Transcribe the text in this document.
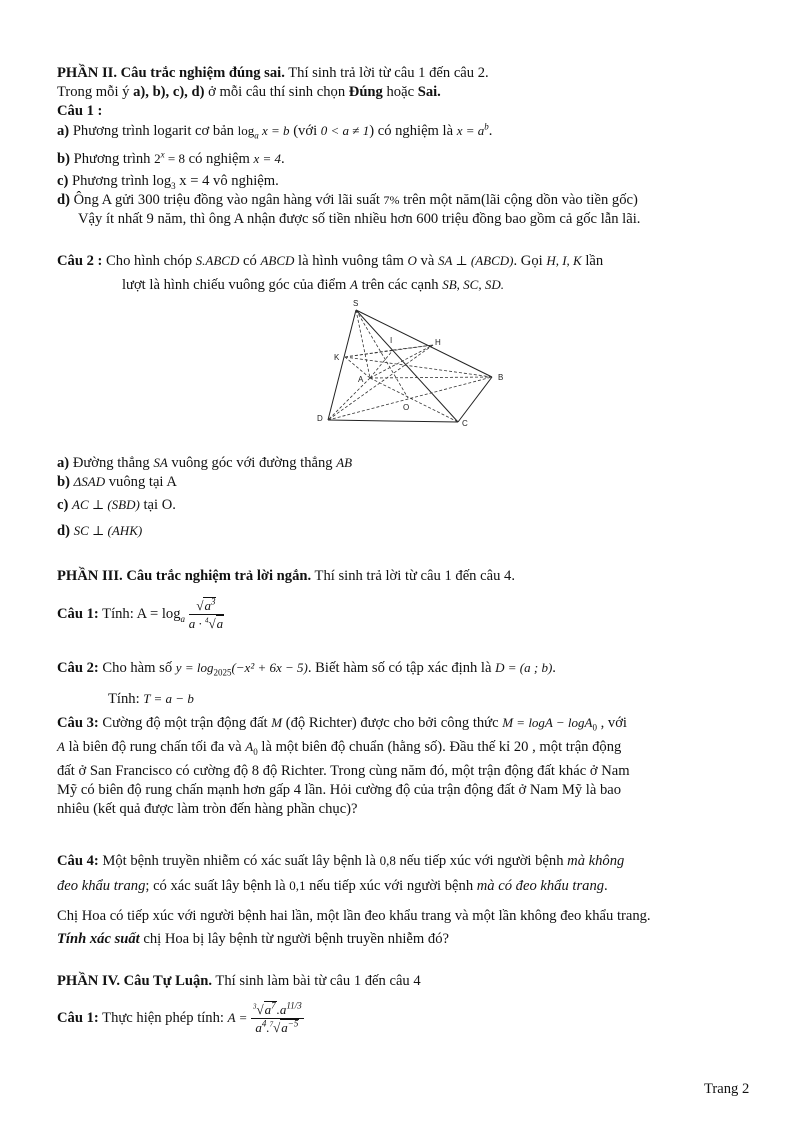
PHẦN II. Câu trắc nghiệm đúng sai. Thí sinh trả lời từ câu 1 đến câu 2.
Trong mỗi ý a), b), c), d) ở mỗi câu thí sinh chọn Đúng hoặc Sai.
Câu 1 :
a) Phương trình logarit cơ bản $\log_a x = b$ (với 0 < a ≠ 1) có nghiệm là $x = a^b$.
b) Phương trình $2^x = 8$ có nghiệm x = 4.
c) Phương trình $\log_3 x = 4$ vô nghiệm.
d) Ông A gửi 300 triệu đồng vào ngân hàng với lãi suất 7% trên một năm(lãi cộng dồn vào tiền gốc)
Vậy ít nhất 9 năm, thì ông A nhận được số tiền nhiều hơn 600 triệu đồng bao gồm cả gốc lẫn lãi.
Câu 2 : Cho hình chóp S.ABCD có ABCD là hình vuông tâm O và SA ⊥ (ABCD). Gọi H, I, K lần
lượt là hình chiếu vuông góc của điểm A trên các cạnh SB, SC, SD.
S
I	H
K
A	B
O
D
C
a) Đường thẳng SA vuông góc với đường thẳng AB
b) ΔSAD vuông tại A
c) AC ⊥ (SBD) tại O.
d) SC ⊥ (AHK)
PHẦN III. Câu trắc nghiệm trả lời ngắn. Thí sinh trả lời từ câu 1 đến câu 4.
Câu 1: Tính: $A = \log_a \frac{√a^3}{a \cdot ^4√a}$
Câu 2: Cho hàm số $y = \log_{2025}(-x^2 + 6x - 5)$. Biết hàm số có tập xác định là D = (a ; b).
Tính: T = a − b
Câu 3: Cường độ một trận động đất M (độ Richter) được cho bởi công thức M = logA − logA$_0$ , với
A là biên độ rung chấn tối đa và $A_0$ là một biên độ chuẩn (hằng số). Đầu thế kỉ 20 , một trận động
đất ở San Francisco có cường độ 8 độ Richter. Trong cùng năm đó, một trận động đất khác ở Nam
Mỹ có biên độ rung chấn mạnh hơn gấp 4 lần. Hỏi cường độ của trận động đất ở Nam Mỹ là bao
nhiêu (kết quả được làm tròn đến hàng phần chục)?
Câu 4: Một bệnh truyền nhiễm có xác suất lây bệnh là 0,8 nếu tiếp xúc với người bệnh mà không
đeo khẩu trang; có xác suất lây bệnh là 0,1 nếu tiếp xúc với người bệnh mà có đeo khẩu trang.
Chị Hoa có tiếp xúc với người bệnh hai lần, một lần đeo khẩu trang và một lần không đeo khẩu trang.
Tính xác suất chị Hoa bị lây bệnh từ người bệnh truyền nhiễm đó?
PHẦN IV. Câu Tự Luận. Thí sinh làm bài từ câu 1 đến câu 4
Câu 1: Thực hiện phép tính: $A = \frac{^3√a^7.a^{11/3}}{a^4.^7√a^{-5}}$
Trang 2
